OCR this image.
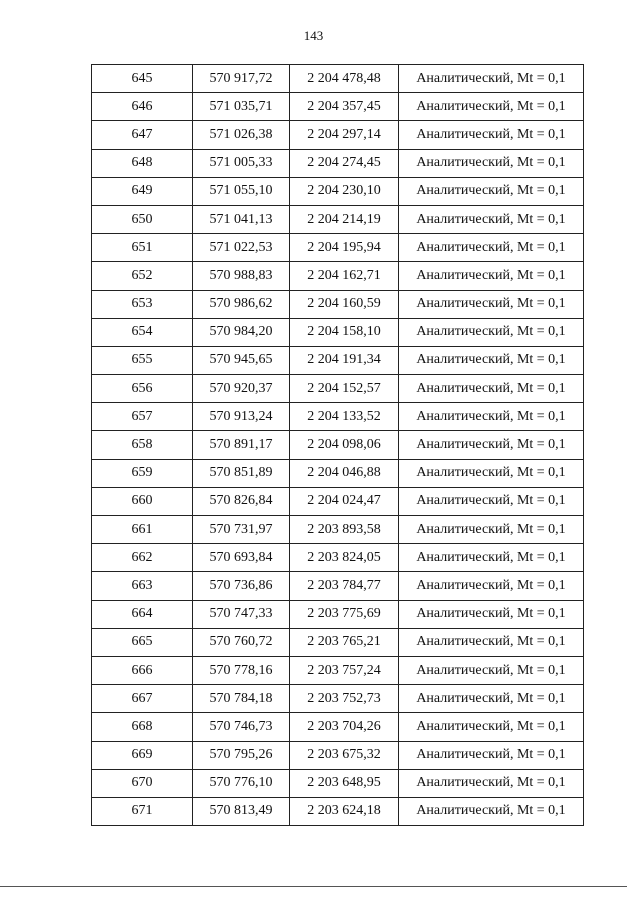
143
645	570 917,72	2 204 478,48	Аналитический, Mt = 0,1
646	571 035,71	2 204 357,45	Аналитический, Mt = 0,1
647	571 026,38	2 204 297,14	Аналитический, Mt = 0,1
648	571 005,33	2 204 274,45	Аналитический, Mt = 0,1
649	571 055,10	2 204 230,10	Аналитический, Mt = 0,1
650	571 041,13	2 204 214,19	Аналитический, Mt = 0,1
651	571 022,53	2 204 195,94	Аналитический, Mt = 0,1
652	570 988,83	2 204 162,71	Аналитический, Mt = 0,1
653	570 986,62	2 204 160,59	Аналитический, Mt = 0,1
654	570 984,20	2 204 158,10	Аналитический, Mt = 0,1
655	570 945,65	2 204 191,34	Аналитический, Mt = 0,1
656	570 920,37	2 204 152,57	Аналитический, Mt = 0,1
657	570 913,24	2 204 133,52	Аналитический, Mt = 0,1
658	570 891,17	2 204 098,06	Аналитический, Mt = 0,1
659	570 851,89	2 204 046,88	Аналитический, Mt = 0,1
660	570 826,84	2 204 024,47	Аналитический, Mt = 0,1
661	570 731,97	2 203 893,58	Аналитический, Mt = 0,1
662	570 693,84	2 203 824,05	Аналитический, Mt = 0,1
663	570 736,86	2 203 784,77	Аналитический, Mt = 0,1
664	570 747,33	2 203 775,69	Аналитический, Mt = 0,1
665	570 760,72	2 203 765,21	Аналитический, Mt = 0,1
666	570 778,16	2 203 757,24	Аналитический, Mt = 0,1
667	570 784,18	2 203 752,73	Аналитический, Mt = 0,1
668	570 746,73	2 203 704,26	Аналитический, Mt = 0,1
669	570 795,26	2 203 675,32	Аналитический, Mt = 0,1
670	570 776,10	2 203 648,95	Аналитический, Mt = 0,1
671	570 813,49	2 203 624,18	Аналитический, Mt = 0,1
